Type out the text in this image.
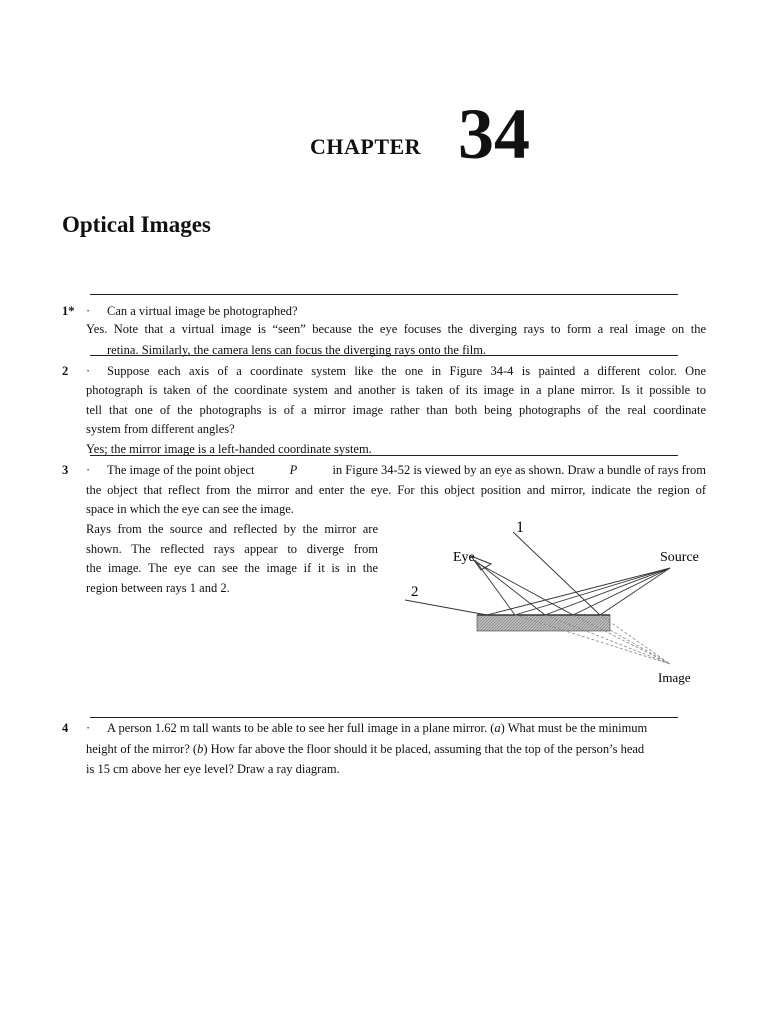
CHAPTER 34
Optical Images
1* · Can a virtual image be photographed?
Yes. Note that a virtual image is “seen” because the eye focuses the diverging rays to form a real image on the
retina. Similarly, the camera lens can focus the diverging rays onto the film.
2 · Suppose each axis of a coordinate system like the one in Figure 34-4 is painted a different color. One
photograph is taken of the coordinate system and another is taken of its image in a plane mirror. Is it possible to
tell that one of the photographs is of a mirror image rather than both being photographs of the real coordinate
system from different angles?
Yes; the mirror image is a left-handed coordinate system.
3 · The image of the point object	P	in Figure 34-52 is viewed by an eye as shown. Draw a bundle of rays from
the object that reflect from the mirror and enter the eye. For this object position and mirror, indicate the region of
space in which the eye can see the image.
Rays from the source and reflected by the mirror are
shown. The reflected rays appear to diverge from
the image. The eye can see the image if it is in the
region between rays 1 and 2.
1
2
Eye	Source
Image
4 · A person 1.62 m tall wants to be able to see her full image in a plane mirror. (a) What must be the minimum
height of the mirror? (b) How far above the floor should it be placed, assuming that the top of the person’s head
is 15 cm above her eye level? Draw a ray diagram.
